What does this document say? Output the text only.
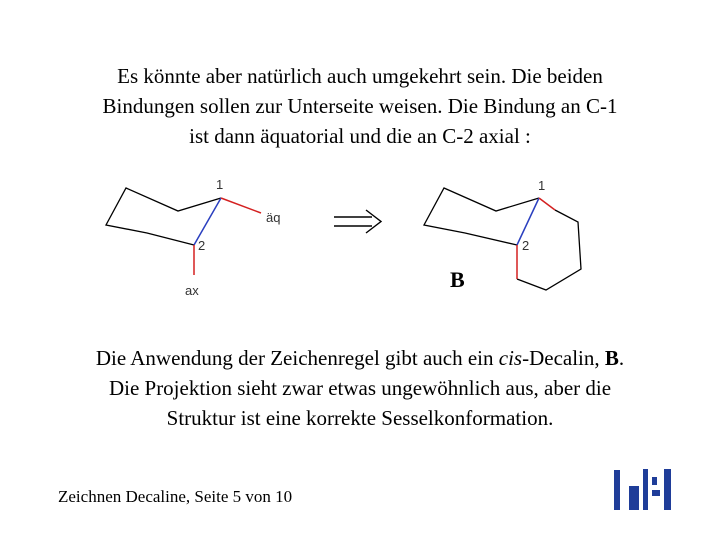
Es könnte aber natürlich auch umgekehrt sein. Die beiden
Bindungen sollen zur Unterseite weisen. Die Bindung an C-1
ist dann äquatorial und die an C-2 axial :
1
2
äq
ax
1
2
B
Die Anwendung der Zeichenregel gibt auch ein cis-Decalin, B.
Die Projektion sieht zwar etwas ungewöhnlich aus, aber die
Struktur ist eine korrekte Sesselkonformation.
Zeichnen Decaline, Seite 5 von 10
